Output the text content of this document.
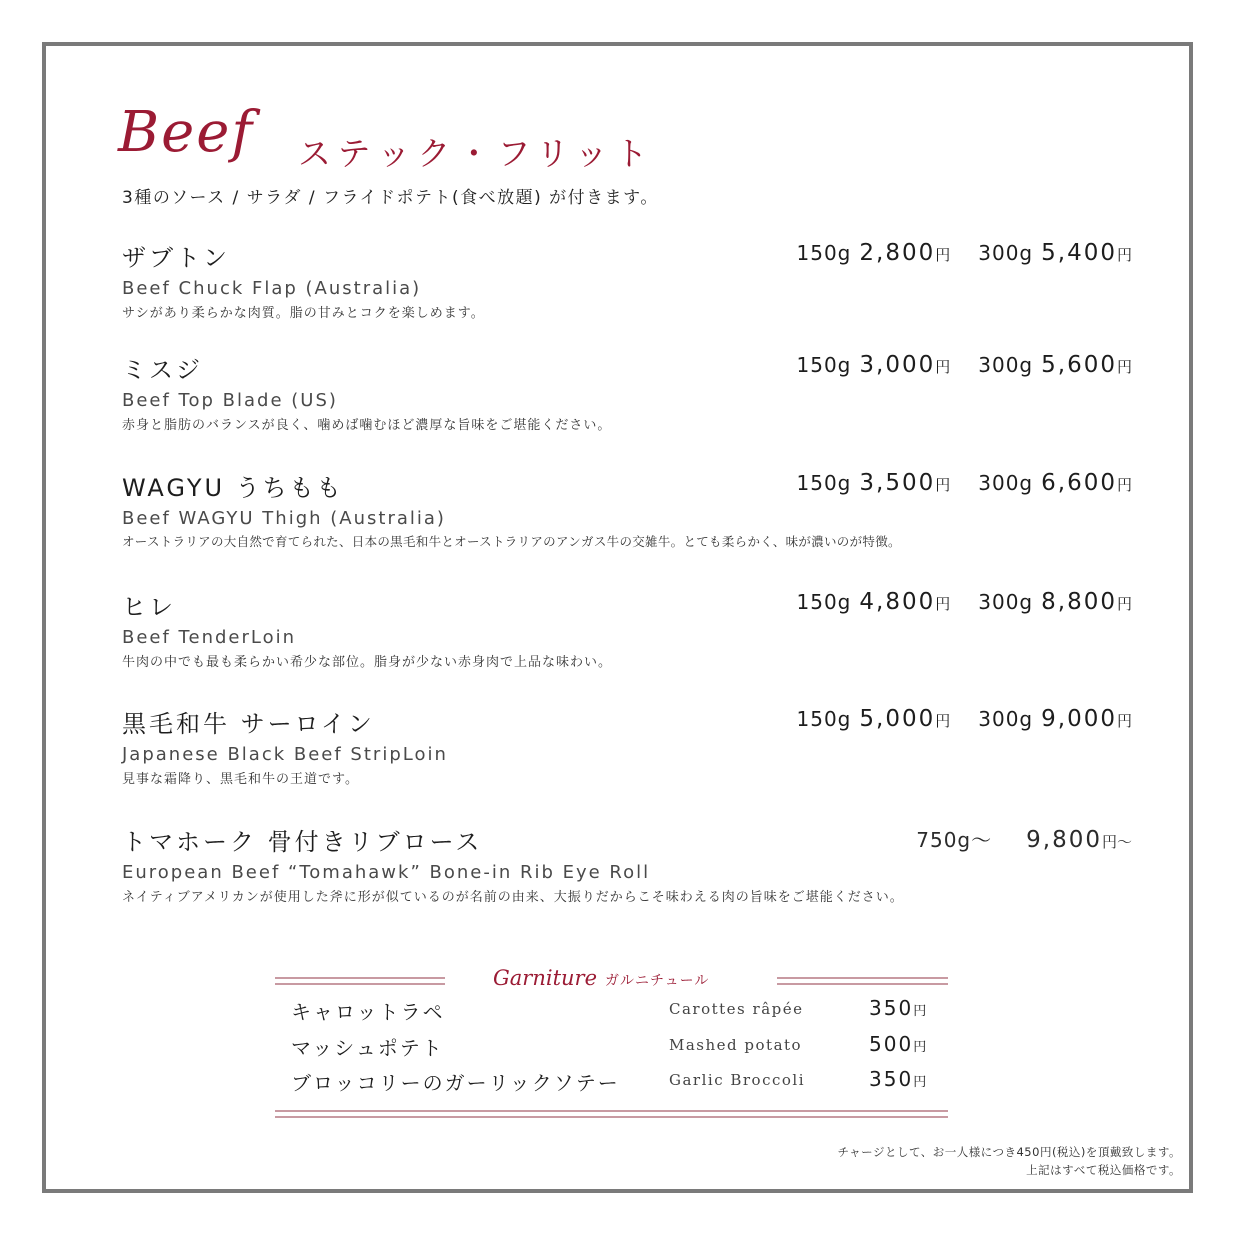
Beef ステック・フリット
3種のソース / サラダ / フライドポテト(食べ放題) が付きます。
ザブトン
Beef Chuck Flap (Australia)
サシがあり柔らかな肉質。脂の甘みとコクを楽しめます。
150g 2,800円 300g 5,400円
ミスジ
Beef Top Blade (US)
赤身と脂肪のバランスが良く、噛めば噛むほど濃厚な旨味をご堪能ください。
150g 3,000円 300g 5,600円
WAGYU うちもも
Beef WAGYU Thigh (Australia)
オーストラリアの大自然で育てられた、日本の黒毛和牛とオーストラリアのアンガス牛の交雑牛。とても柔らかく、味が濃いのが特徴。
150g 3,500円 300g 6,600円
ヒレ
Beef TenderLoin
牛肉の中でも最も柔らかい希少な部位。脂身が少ない赤身肉で上品な味わい。
150g 4,800円 300g 8,800円
黒毛和牛 サーロイン
Japanese Black Beef StripLoin
見事な霜降り、黒毛和牛の王道です。
150g 5,000円 300g 9,000円
トマホーク 骨付きリブロース
European Beef “Tomahawk” Bone-in Rib Eye Roll
ネイティブアメリカンが使用した斧に形が似ているのが名前の由来、大振りだからこそ味わえる肉の旨味をご堪能ください。
750g～ 9,800円～
Garniture ガルニチュール
キャロットラペ	Carottes râpée	350円
マッシュポテト	Mashed potato	500円
ブロッコリーのガーリックソテー	Garlic Broccoli	350円
チャージとして、お一人様につき450円(税込)を頂戴致します。
上記はすべて税込価格です。
